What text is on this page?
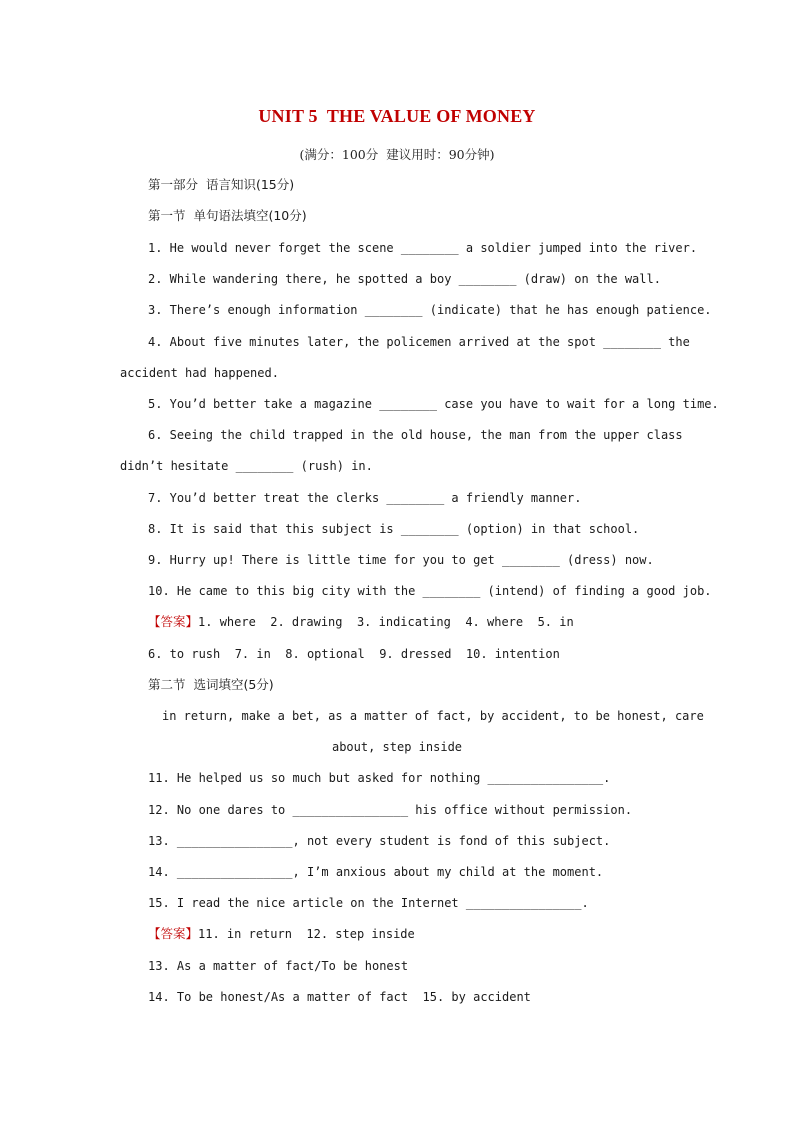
UNIT 5  THE VALUE OF MONEY
(满分：100分  建议用时：90分钟)
第一部分  语言知识(15分)
第一节  单句语法填空(10分)
1. He would never forget the scene ________ a soldier jumped into the river.
2. While wandering there, he spotted a boy ________ (draw) on the wall.
3. There’s enough information ________ (indicate) that he has enough patience.
4. About five minutes later, the policemen arrived at the spot ________ the
accident had happened.
5. You’d better take a magazine ________ case you have to wait for a long time.
6. Seeing the child trapped in the old house, the man from the upper class
didn’t hesitate ________ (rush) in.
7. You’d better treat the clerks ________ a friendly manner.
8. It is said that this subject is ________ (option) in that school.
9. Hurry up! There is little time for you to get ________ (dress) now.
10. He came to this big city with the ________ (intend) of finding a good job.
【答案】1. where  2. drawing  3. indicating  4. where  5. in
6. to rush  7. in  8. optional  9. dressed  10. intention
第二节  选词填空(5分)
in return, make a bet, as a matter of fact, by accident, to be honest, care
about, step inside
11. He helped us so much but asked for nothing ________________.
12. No one dares to ________________ his office without permission.
13. ________________, not every student is fond of this subject.
14. ________________, I’m anxious about my child at the moment.
15. I read the nice article on the Internet ________________.
【答案】11. in return  12. step inside
13. As a matter of fact/To be honest
14. To be honest/As a matter of fact  15. by accident
